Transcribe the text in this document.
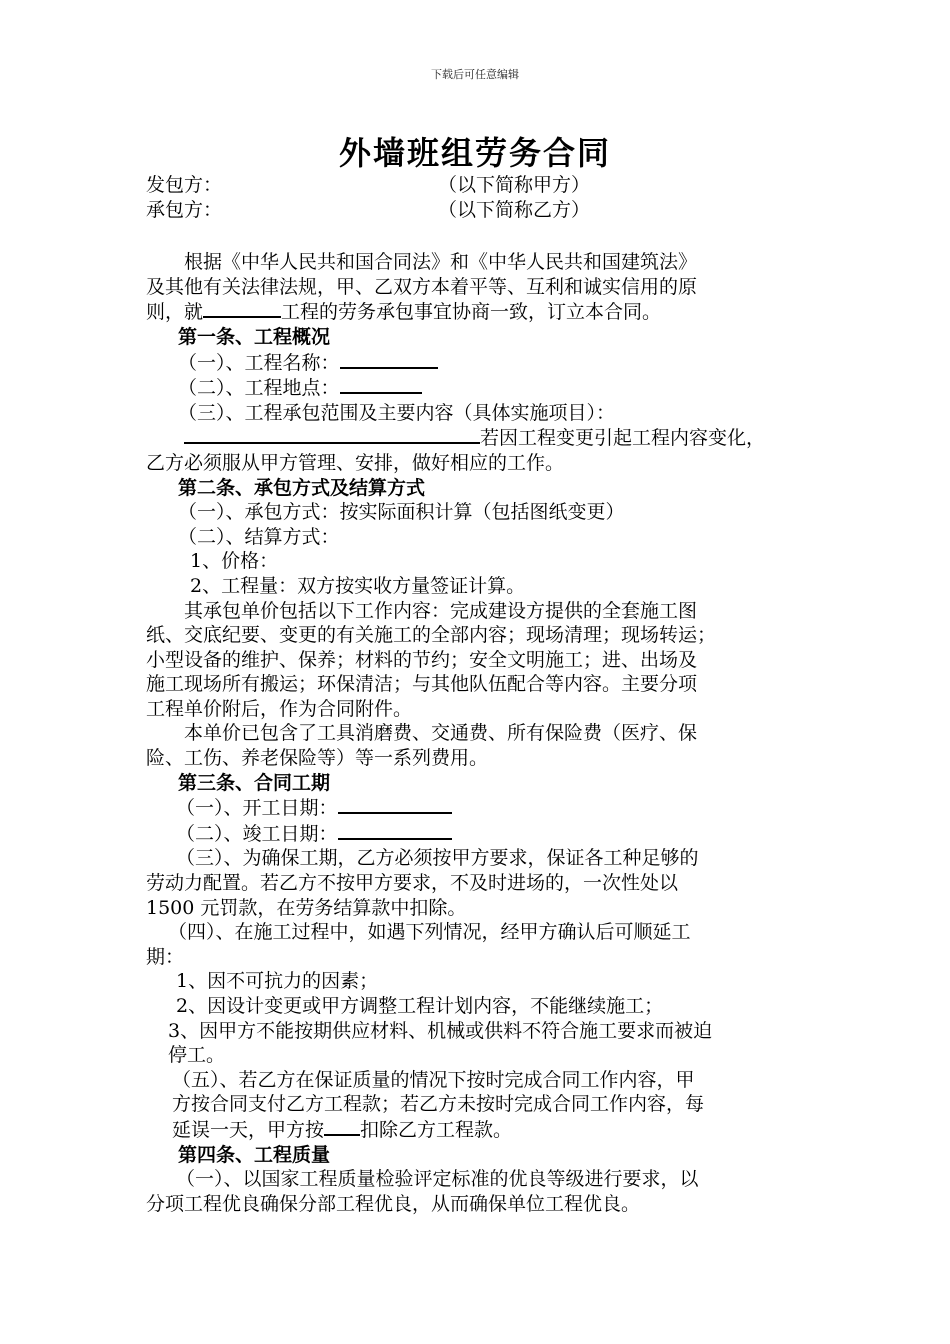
下载后可任意编辑
外墙班组劳务合同
发包方：	（以下简称甲方）
承包方：	（以下简称乙方）
根据《中华人民共和国合同法》和《中华人民共和国建筑法》
及其他有关法律法规，甲、乙双方本着平等、互利和诚实信用的原
则，就	工程的劳务承包事宜协商一致，订立本合同。
第一条、工程概况
（一）、工程名称：
（二）、工程地点：
（三）、工程承包范围及主要内容（具体实施项目）：
若因工程变更引起工程内容变化，
乙方必须服从甲方管理、安排，做好相应的工作。
第二条、承包方式及结算方式
（一）、承包方式：按实际面积计算（包括图纸变更）
（二）、结算方式：
1、价格：
2、工程量：双方按实收方量签证计算。
其承包单价包括以下工作内容：完成建设方提供的全套施工图
纸、交底纪要、变更的有关施工的全部内容；现场清理；现场转运；
小型设备的维护、保养；材料的节约；安全文明施工；进、出场及
施工现场所有搬运；环保清洁；与其他队伍配合等内容。主要分项
工程单价附后，作为合同附件。
本单价已包含了工具消磨费、交通费、所有保险费（医疗、保
险、工伤、养老保险等）等一系列费用。
第三条、合同工期
（一）、开工日期：
（二）、竣工日期：
（三）、为确保工期，乙方必须按甲方要求，保证各工种足够的
劳动力配置。若乙方不按甲方要求，不及时进场的，一次性处以
1500 元罚款，在劳务结算款中扣除。
（四）、在施工过程中，如遇下列情况，经甲方确认后可顺延工
期：
1、因不可抗力的因素；
2、因设计变更或甲方调整工程计划内容，不能继续施工；
3、因甲方不能按期供应材料、机械或供料不符合施工要求而被迫
停工。
（五）、若乙方在保证质量的情况下按时完成合同工作内容，甲
方按合同支付乙方工程款；若乙方未按时完成合同工作内容，每
延误一天，甲方按 扣除乙方工程款。
第四条、工程质量
（一）、以国家工程质量检验评定标准的优良等级进行要求，以
分项工程优良确保分部工程优良，从而确保单位工程优良。
